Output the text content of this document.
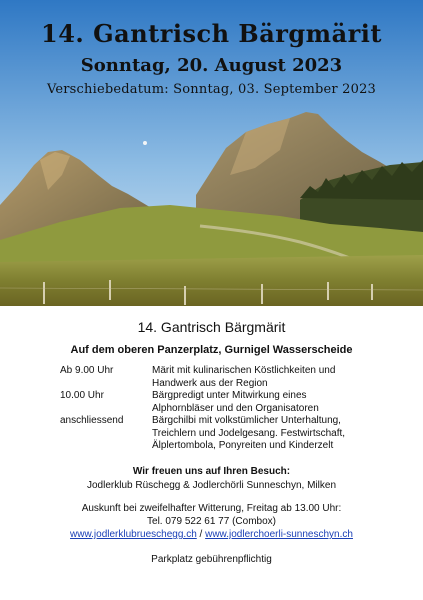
14. Gantrisch Bärgmärit
Sonntag, 20. August 2023
Verschiebedatum: Sonntag, 03. September 2023
14. Gantrisch Bärgmärit
Auf dem oberen Panzerplatz, Gurnigel Wasserscheide
Ab 9.00 Uhr	Märit mit kulinarischen Köstlichkeiten und
Handwerk aus der Region
10.00 Uhr	Bärgpredigt unter Mitwirkung eines
Alphornbläser und den Organisatoren
anschliessend	Bärgchilbi mit volkstümlicher Unterhaltung,
Treichlern und Jodelgesang. Festwirtschaft,
Älplertombola, Ponyreiten und Kinderzelt
Wir freuen uns auf Ihren Besuch:
Jodlerklub Rüschegg & Jodlerchörli Sunneschyn, Milken
Auskunft bei zweifelhafter Witterung, Freitag ab 13.00 Uhr:
Tel. 079 522 61 77 (Combox)
www.jodlerklubrueschegg.ch / www.jodlerchoerli-sunneschyn.ch
Parkplatz gebührenpflichtig
